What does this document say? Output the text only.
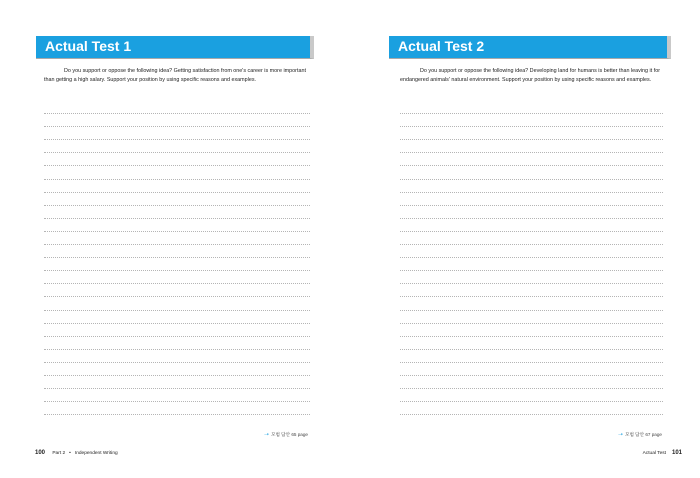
Actual Test 1
Do you support or oppose the following idea? Getting satisfaction from one's career is more important than getting a high salary. Support your position by using specific reasons and examples.
➝ 모범 답안 65 page
100 Part 2 • Independent Writing
Actual Test 2
Do you support or oppose the following idea? Developing land for humans is better than leaving it for endangered animals' natural environment. Support your position by using specific reasons and examples.
➝ 모범 답안 67 page
Actual Test 101
